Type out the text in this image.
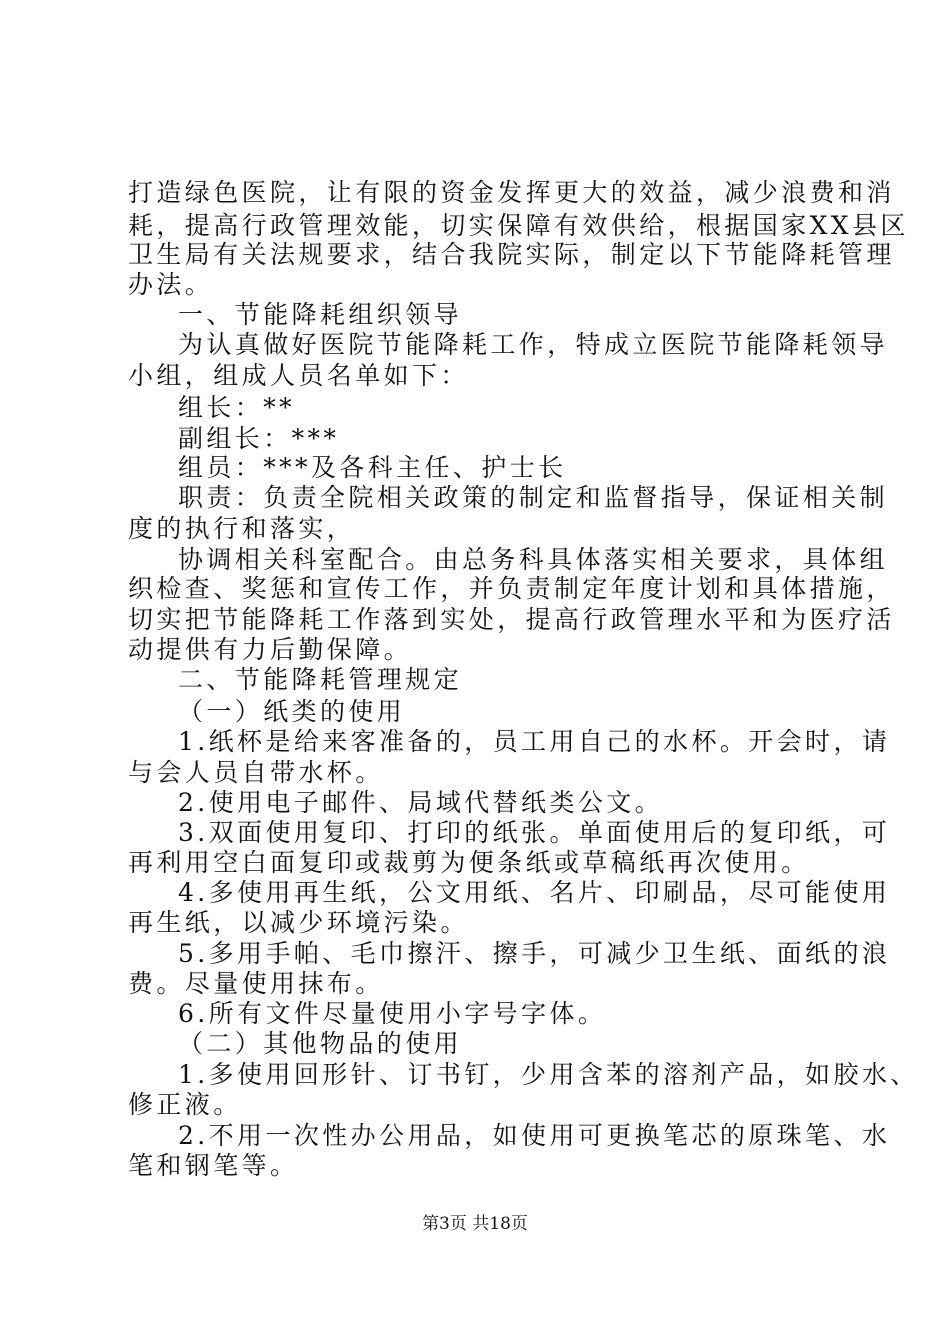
打造绿色医院，让有限的资金发挥更大的效益，减少浪费和消
耗，提高行政管理效能，切实保障有效供给，根据国家XX县区
卫生局有关法规要求，结合我院实际，制定以下节能降耗管理
办法。
一、节能降耗组织领导
为认真做好医院节能降耗工作，特成立医院节能降耗领导
小组，组成人员名单如下：
组长：**
副组长：***
组员：***及各科主任、护士长
职责：负责全院相关政策的制定和监督指导，保证相关制
度的执行和落实，
协调相关科室配合。由总务科具体落实相关要求，具体组
织检查、奖惩和宣传工作，并负责制定年度计划和具体措施，
切实把节能降耗工作落到实处，提高行政管理水平和为医疗活
动提供有力后勤保障。
二、节能降耗管理规定
（一）纸类的使用
1.纸杯是给来客准备的，员工用自己的水杯。开会时，请
与会人员自带水杯。
2.使用电子邮件、局域代替纸类公文。
3.双面使用复印、打印的纸张。单面使用后的复印纸，可
再利用空白面复印或裁剪为便条纸或草稿纸再次使用。
4.多使用再生纸，公文用纸、名片、印刷品，尽可能使用
再生纸，以减少环境污染。
5.多用手帕、毛巾擦汗、擦手，可减少卫生纸、面纸的浪
费。尽量使用抹布。
6.所有文件尽量使用小字号字体。
（二）其他物品的使用
1.多使用回形针、订书钉，少用含苯的溶剂产品，如胶水、
修正液。
2.不用一次性办公用品，如使用可更换笔芯的原珠笔、水
笔和钢笔等。
第3页 共18页
